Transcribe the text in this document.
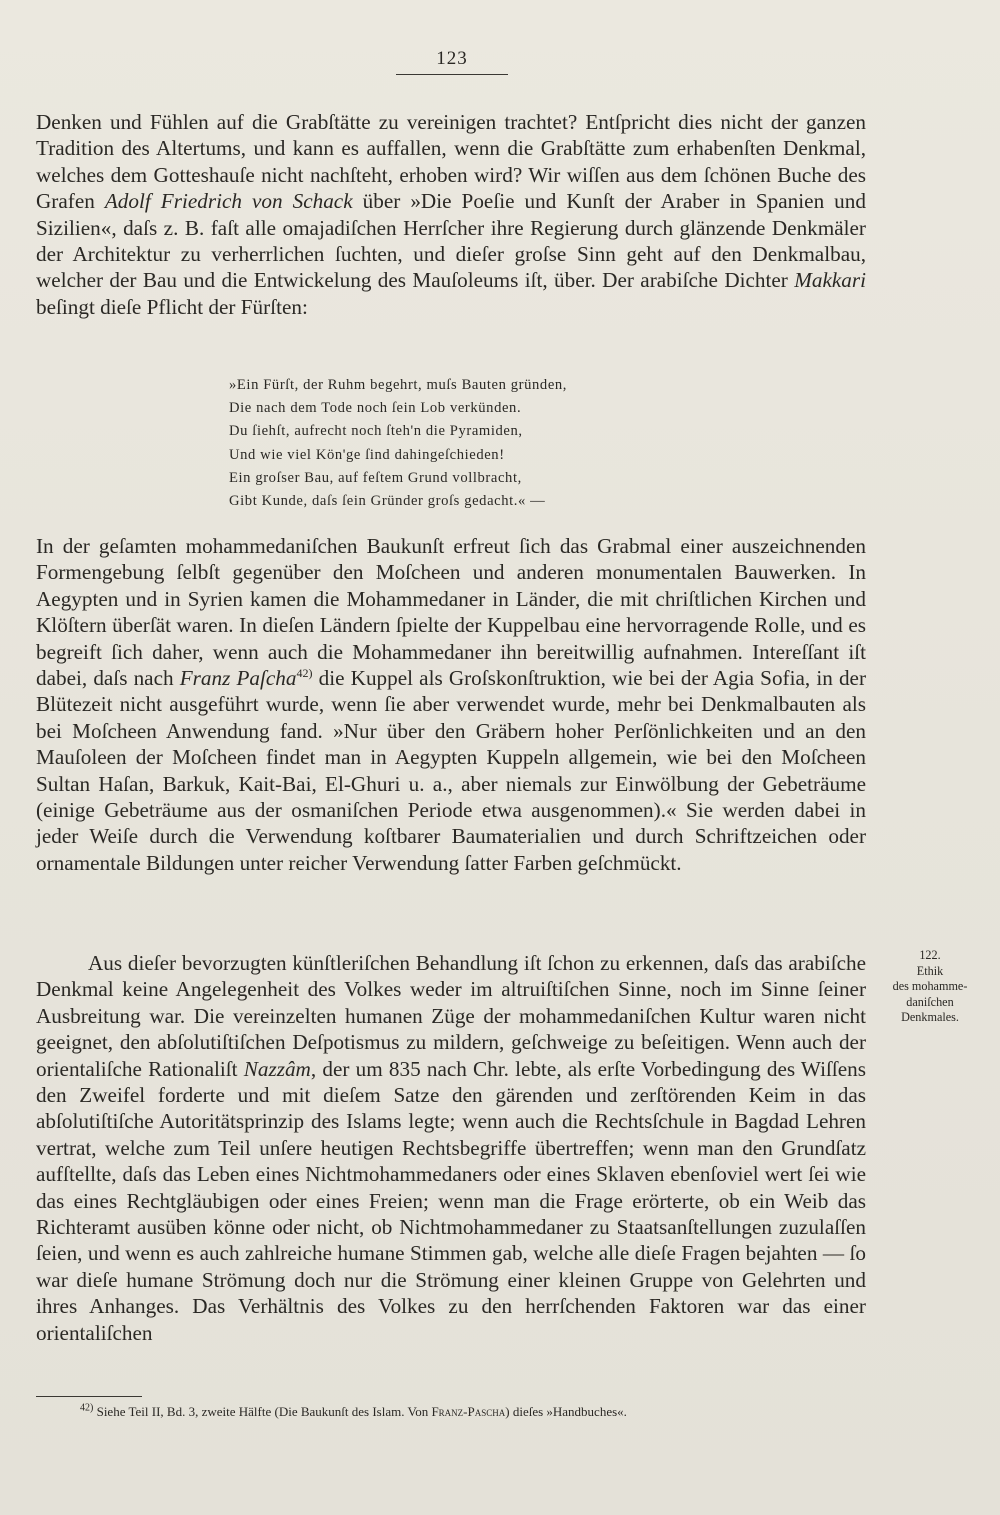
123

Denken und Fühlen auf die Grabſtätte zu vereinigen trachtet? Entſpricht dies nicht der ganzen Tradition des Altertums, und kann es auffallen, wenn die Grabſtätte zum erhabenſten Denkmal, welches dem Gotteshauſe nicht nachſteht, erhoben wird? Wir wiſſen aus dem ſchönen Buche des Grafen Adolf Friedrich von Schack über »Die Poeſie und Kunſt der Araber in Spanien und Sizilien«, daſs z. B. faſt alle omajadiſchen Herrſcher ihre Regierung durch glänzende Denkmäler der Architektur zu verherrlichen ſuchten, und dieſer groſse Sinn geht auf den Denkmalbau, welcher der Bau und die Entwickelung des Mauſoleums iſt, über. Der arabiſche Dichter Makkari beſingt dieſe Pflicht der Fürſten:

»Ein Fürſt, der Ruhm begehrt, muſs Bauten gründen,
Die nach dem Tode noch ſein Lob verkünden.
Du ſiehſt, aufrecht noch ſteh'n die Pyramiden,
Und wie viel Kön'ge ſind dahingeſchieden!
Ein groſser Bau, auf feſtem Grund vollbracht,
Gibt Kunde, daſs ſein Gründer groſs gedacht.« —

In der geſamten mohammedaniſchen Baukunſt erfreut ſich das Grabmal einer auszeichnenden Formengebung ſelbſt gegenüber den Moſcheen und anderen monumentalen Bauwerken. In Aegypten und in Syrien kamen die Mohammedaner in Länder, die mit chriſtlichen Kirchen und Klöſtern überſät waren. In dieſen Ländern ſpielte der Kuppelbau eine hervorragende Rolle, und es begreift ſich daher, wenn auch die Mohammedaner ihn bereitwillig aufnahmen. Intereſſant iſt dabei, daſs nach Franz Paſcha$^{42)}$ die Kuppel als Groſskonſtruktion, wie bei der Agia Sofia, in der Blütezeit nicht ausgeführt wurde, wenn ſie aber verwendet wurde, mehr bei Denkmalbauten als bei Moſcheen Anwendung fand. »Nur über den Gräbern hoher Perſönlichkeiten und an den Mauſoleen der Moſcheen findet man in Aegypten Kuppeln allgemein, wie bei den Moſcheen Sultan Haſan, Barkuk, Kait-Bai, El-Ghuri u. a., aber niemals zur Einwölbung der Gebeträume (einige Gebeträume aus der osmaniſchen Periode etwa ausgenommen).« Sie werden dabei in jeder Weiſe durch die Verwendung koſtbarer Baumaterialien und durch Schriftzeichen oder ornamentale Bildungen unter reicher Verwendung ſatter Farben geſchmückt.

Aus dieſer bevorzugten künſtleriſchen Behandlung iſt ſchon zu erkennen, daſs das arabiſche Denkmal keine Angelegenheit des Volkes weder im altruiſtiſchen Sinne, noch im Sinne ſeiner Ausbreitung war. Die vereinzelten humanen Züge der mohammedaniſchen Kultur waren nicht geeignet, den abſolutiſtiſchen Deſpotismus zu mildern, geſchweige zu beſeitigen. Wenn auch der orientaliſche Rationaliſt Nazzâm, der um 835 nach Chr. lebte, als erſte Vorbedingung des Wiſſens den Zweifel forderte und mit dieſem Satze den gärenden und zerſtörenden Keim in das abſolutiſtiſche Autoritätsprinzip des Islams legte; wenn auch die Rechtsſchule in Bagdad Lehren vertrat, welche zum Teil unſere heutigen Rechtsbegriffe übertreffen; wenn man den Grundſatz aufſtellte, daſs das Leben eines Nichtmohammedaners oder eines Sklaven ebenſoviel wert ſei wie das eines Rechtgläubigen oder eines Freien; wenn man die Frage erörterte, ob ein Weib das Richteramt ausüben könne oder nicht, ob Nichtmohammedaner zu Staatsanſtellungen zuzulaſſen ſeien, und wenn es auch zahlreiche humane Stimmen gab, welche alle dieſe Fragen bejahten — ſo war dieſe humane Strömung doch nur die Strömung einer kleinen Gruppe von Gelehrten und ihres Anhanges. Das Verhältnis des Volkes zu den herrſchenden Faktoren war das einer orientaliſchen

122.
Ethik
des mohamme-
daniſchen
Denkmales.
$^{42)}$ Siehe Teil II, Bd. 3, zweite Hälfte (Die Baukunſt des Islam. Von Franz-Pascha) dieſes »Handbuches«.
